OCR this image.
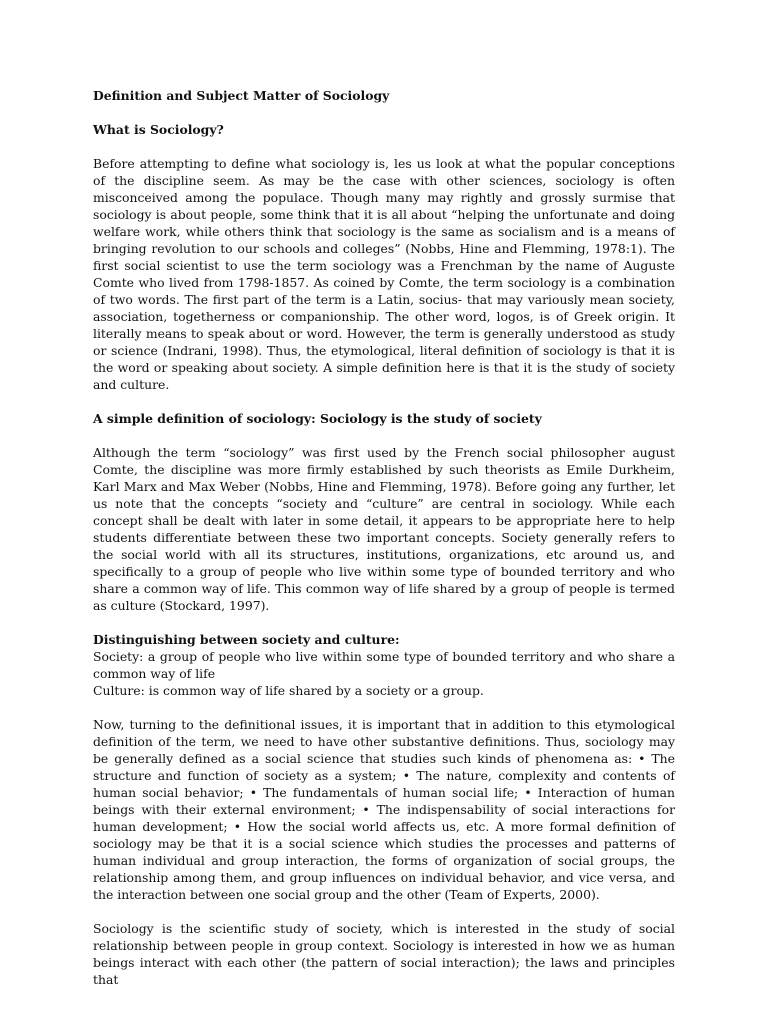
Definition and Subject Matter of Sociology

What is Sociology?

Before attempting to define what sociology is, les us look at what the popular conceptions of the discipline seem. As may be the case with other sciences, sociology is often misconceived among the populace. Though many may rightly and grossly surmise that sociology is about people, some think that it is all about “helping the unfortunate and doing welfare work, while others think that sociology is the same as socialism and is a means of bringing revolution to our schools and colleges” (Nobbs, Hine and Flemming, 1978:1). The first social scientist to use the term sociology was a Frenchman by the name of Auguste Comte who lived from 1798-1857. As coined by Comte, the term sociology is a combination of two words. The first part of the term is a Latin, socius- that may variously mean society, association, togetherness or companionship. The other word, logos, is of Greek origin. It literally means to speak about or word. However, the term is generally understood as study or science (Indrani, 1998). Thus, the etymological, literal definition of sociology is that it is the word or speaking about society. A simple definition here is that it is the study of society and culture.

A simple definition of sociology: Sociology is the study of society

Although the term “sociology” was first used by the French social philosopher august Comte, the discipline was more firmly established by such theorists as Emile Durkheim, Karl Marx and Max Weber (Nobbs, Hine and Flemming, 1978). Before going any further, let us note that the concepts “society and “culture” are central in sociology. While each concept shall be dealt with later in some detail, it appears to be appropriate here to help students differentiate between these two important concepts. Society generally refers to the social world with all its structures, institutions, organizations, etc around us, and specifically to a group of people who live within some type of bounded territory and who share a common way of life. This common way of life shared by a group of people is termed as culture (Stockard, 1997).

Distinguishing between society and culture:

Society: a group of people who live within some type of bounded territory and who share a common way of life

Culture: is common way of life shared by a society or a group.

Now, turning to the definitional issues, it is important that in addition to this etymological definition of the term, we need to have other substantive definitions. Thus, sociology may be generally defined as a social science that studies such kinds of phenomena as: • The structure and function of society as a system; • The nature, complexity and contents of human social behavior; • The fundamentals of human social life; • Interaction of human beings with their external environment; • The indispensability of social interactions for human development; • How the social world affects us, etc. A more formal definition of sociology may be that it is a social science which studies the processes and patterns of human individual and group interaction, the forms of organization of social groups, the relationship among them, and group influences on individual behavior, and vice versa, and the interaction between one social group and the other (Team of Experts, 2000).

Sociology is the scientific study of society, which is interested in the study of social relationship between people in group context. Sociology is interested in how we as human beings interact with each other (the pattern of social interaction); the laws and principles that
